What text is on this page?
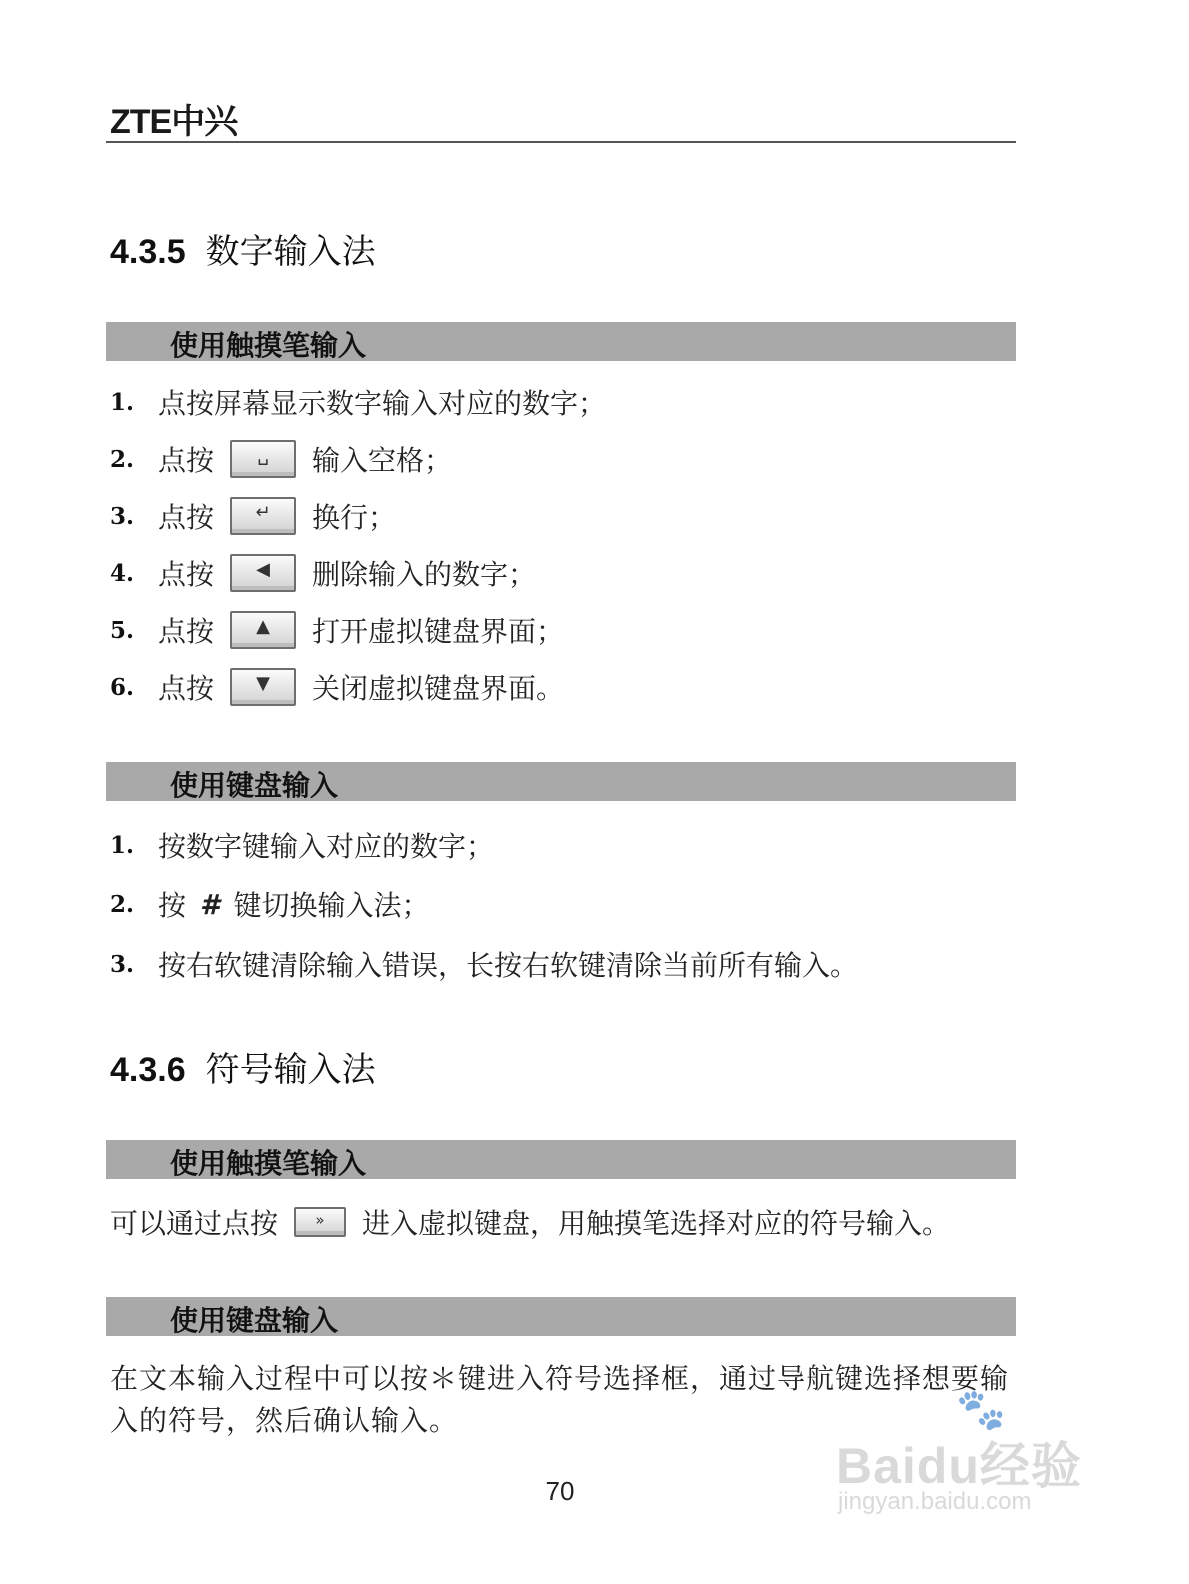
ZTE中兴
4.3.5 数字输入法
使用触摸笔输入
1. 点按屏幕显示数字输入对应的数字；
2. 点按	␣	输入空格；
3. 点按	↵	换行；
4. 点按	◀	删除输入的数字；
5. 点按	▲	打开虚拟键盘界面；
6. 点按	▼	关闭虚拟键盘界面。
使用键盘输入
1. 按数字键输入对应的数字；
2. 按 # 键切换输入法；
3. 按右软键清除输入错误，长按右软键清除当前所有输入。
4.3.6 符号输入法
使用触摸笔输入
可以通过点按	»	进入虚拟键盘，用触摸笔选择对应的符号输入。
使用键盘输入
在文本输入过程中可以按＊键进入符号选择框，通过导航键选择想要输入的符号，然后确认输入。
70
🐾
Baidu经验
jingyan.baidu.com
